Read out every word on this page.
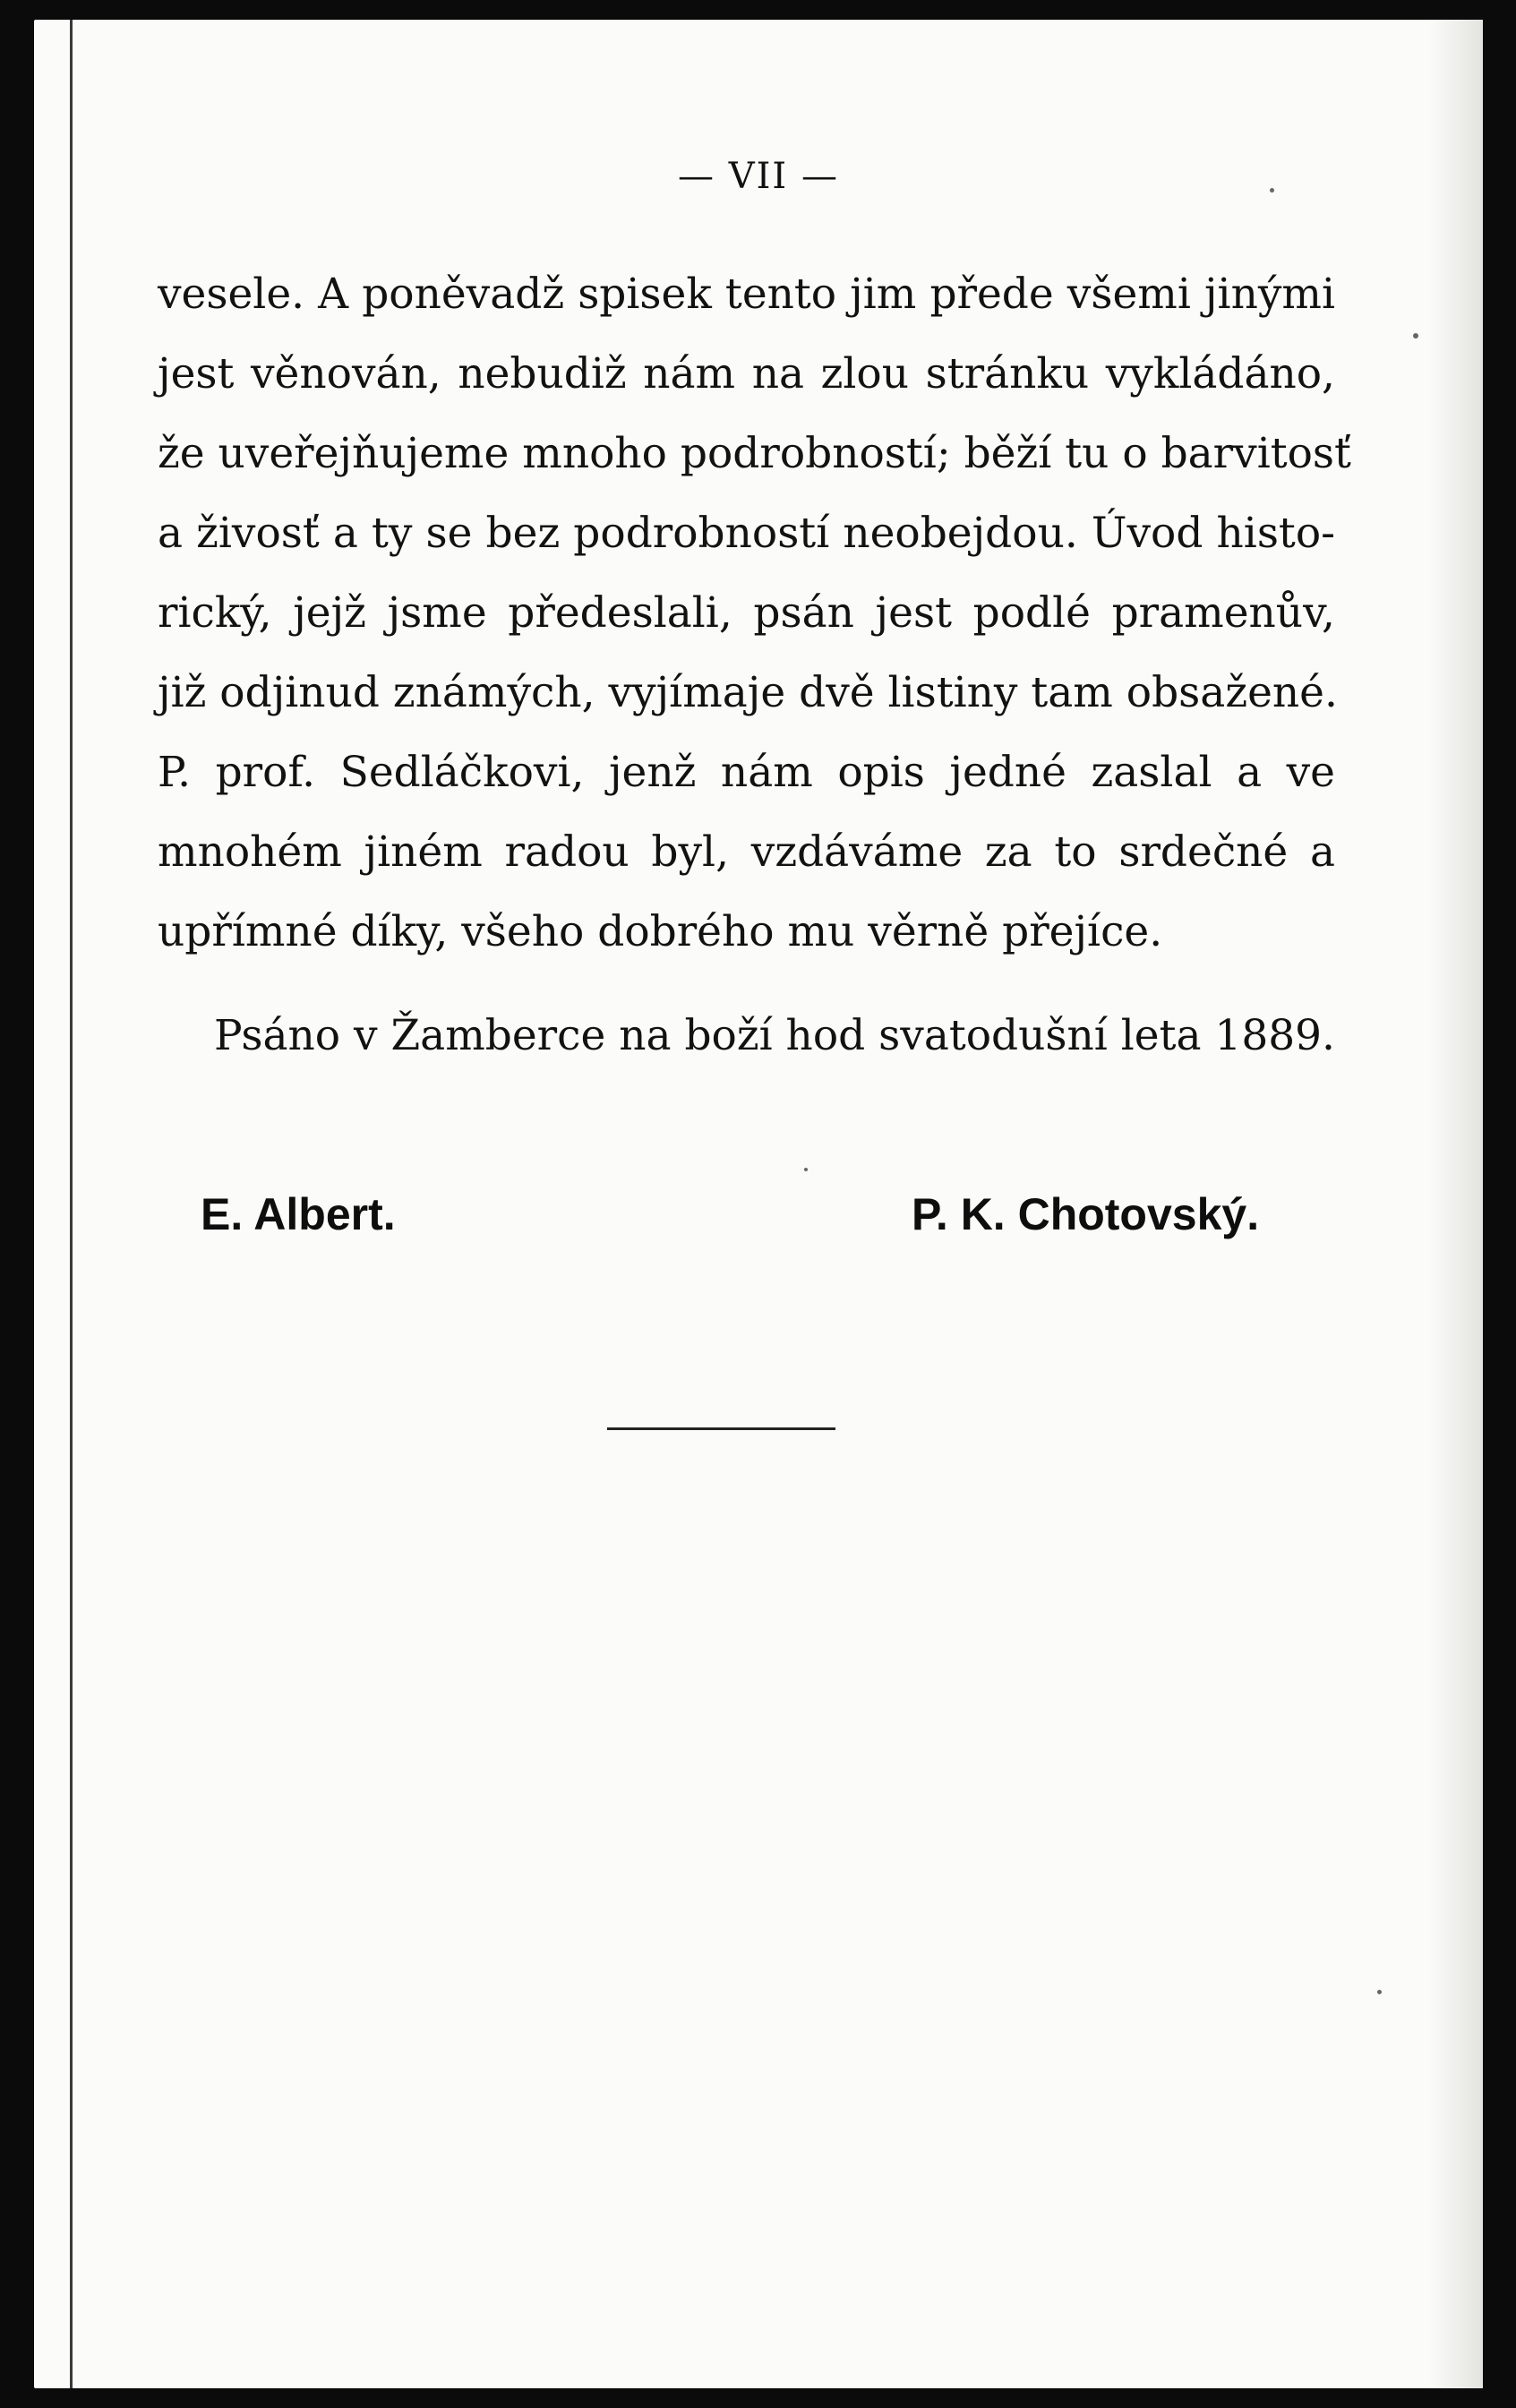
— VII —
vesele. A poněvadž spisek tento jim přede všemi jinými
jest věnován, nebudiž nám na zlou stránku vykládáno,
že uveřejňujeme mnoho podrobností; běží tu o barvitosť
a živosť a ty se bez podrobností neobejdou. Úvod histo-
rický, jejž jsme předeslali, psán jest podlé pramenův,
již odjinud známých, vyjímaje dvě listiny tam obsažené.
P. prof. Sedláčkovi, jenž nám opis jedné zaslal a ve
mnohém jiném radou byl, vzdáváme za to srdečné a
upřímné díky, všeho dobrého mu věrně přejíce.
Psáno v Žamberce na boží hod svatodušní leta 1889.
E. Albert.	P. K. Chotovský.
